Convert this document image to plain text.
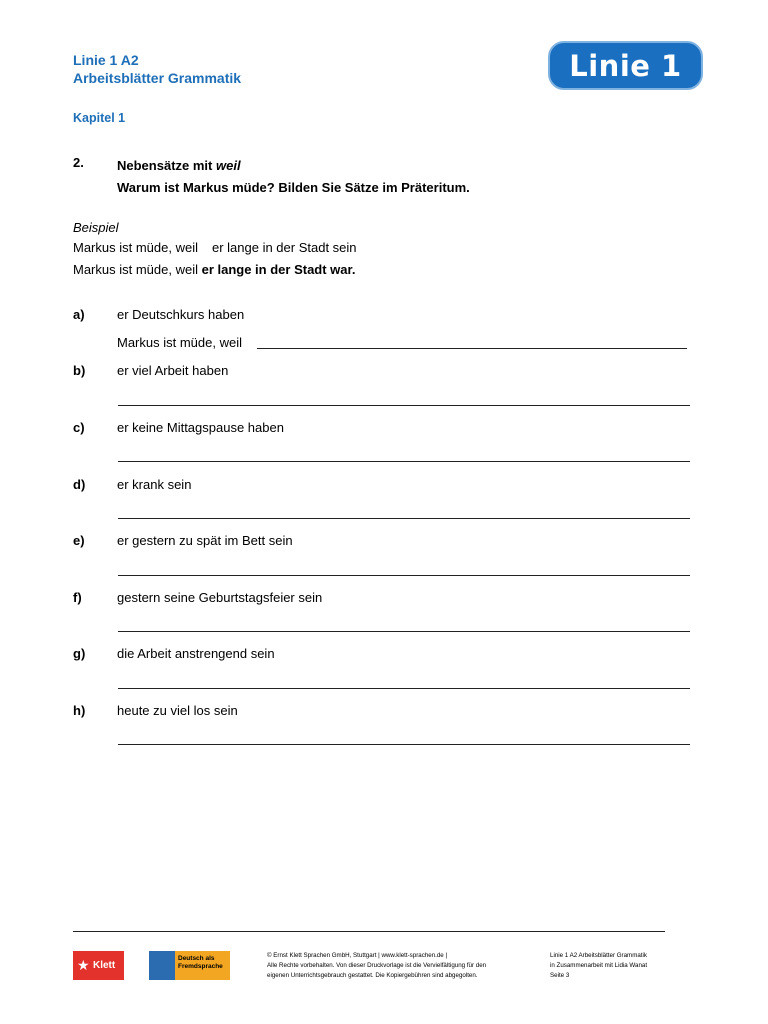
Linie 1 A2
Arbeitsblätter Grammatik	Linie 1
Kapitel 1
2.	Nebensätze mit weil
Warum ist Markus müde? Bilden Sie Sätze im Präteritum.
Beispiel
Markus ist müde, weil er lange in der Stadt sein
Markus ist müde, weil er lange in der Stadt war.
a) er Deutschkurs haben
Markus ist müde, weil
b) er viel Arbeit haben
c) er keine Mittagspause haben
d) er krank sein
e) er gestern zu spät im Bett sein
f)	gestern seine Geburtstagsfeier sein
g) die Arbeit anstrengend sein
h) heute zu viel los sein
★ Klett
Deutsch als
Fremdsprache
© Ernst Klett Sprachen GmbH, Stuttgart | www.klett-sprachen.de |
Alle Rechte vorbehalten. Von dieser Druckvorlage ist die Vervielfältigung für den
eigenen Unterrichtsgebrauch gestattet. Die Kopiergebühren sind abgegolten.
Linie 1 A2 Arbeitsblätter Grammatik
in Zusammenarbeit mit Lidia Wanat
Seite 3
